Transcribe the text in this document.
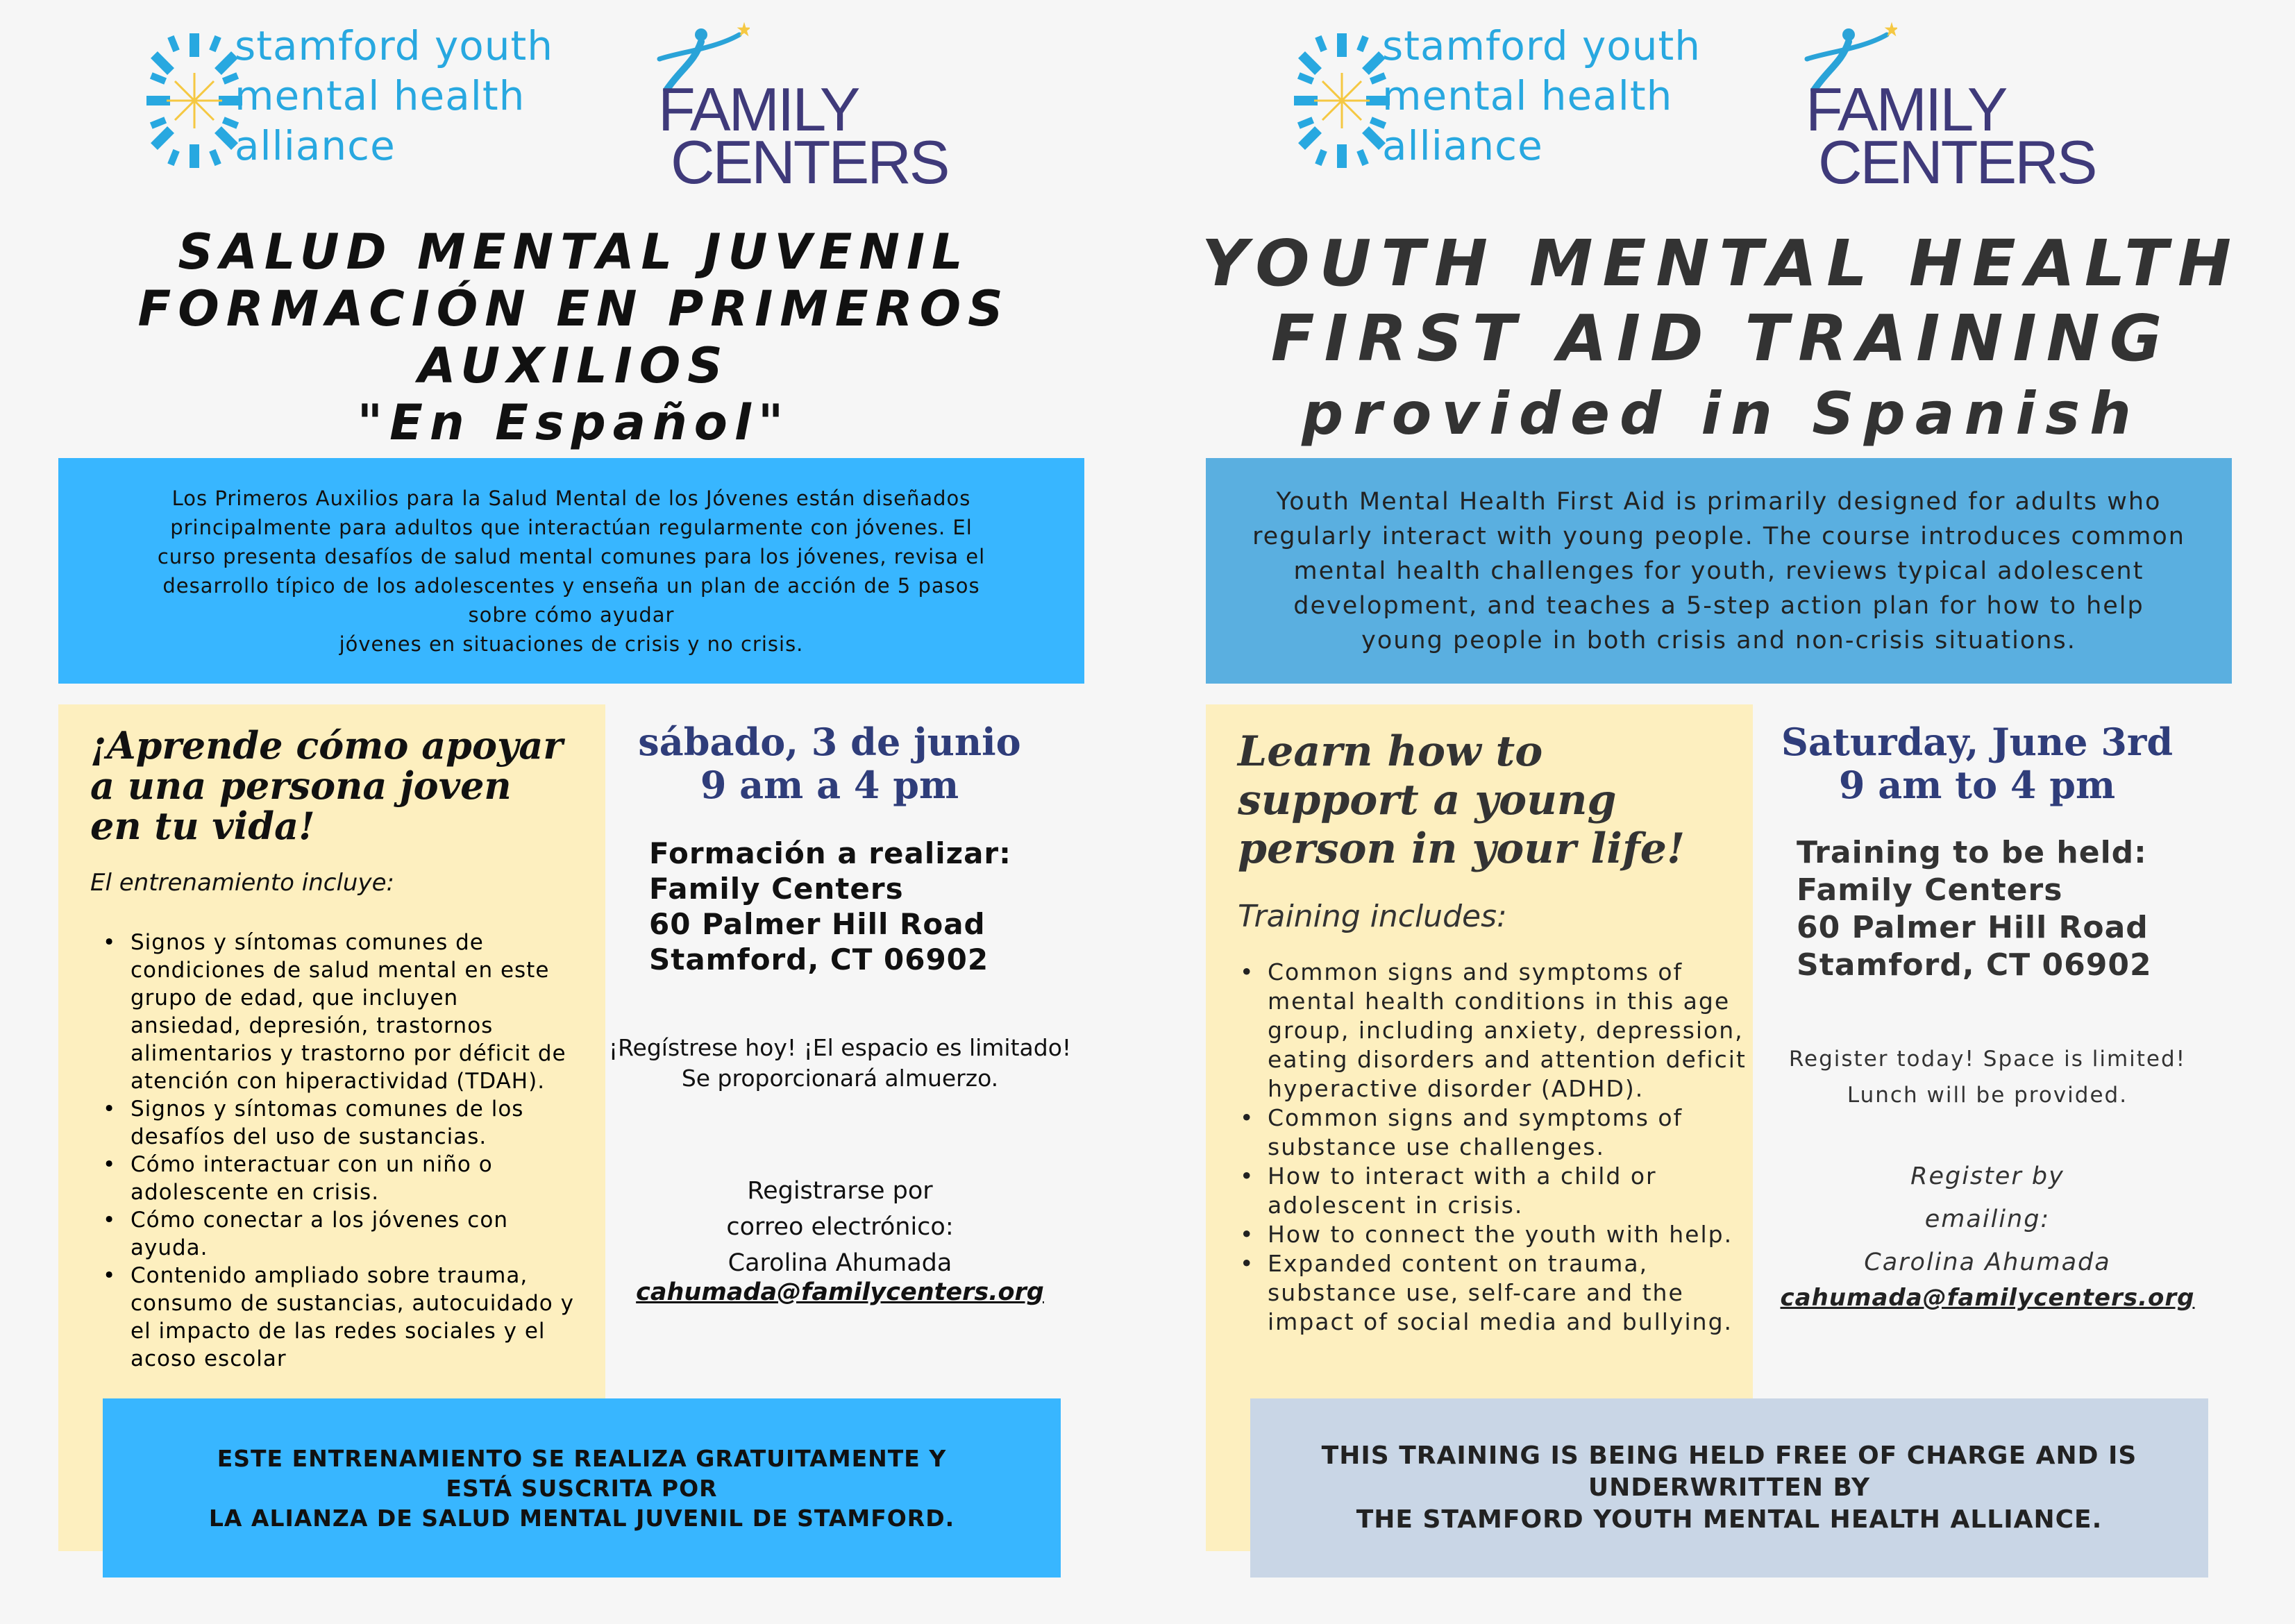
stamford youth
mental health
alliance
FAMILY
CENTERS
SALUD MENTAL JUVENIL
FORMACIÓN EN PRIMEROS
AUXILIOS
"En Español"
Los Primeros Auxilios para la Salud Mental de los Jóvenes están diseñados
principalmente para adultos que interactúan regularmente con jóvenes. El
curso presenta desafíos de salud mental comunes para los jóvenes, revisa el
desarrollo típico de los adolescentes y enseña un plan de acción de 5 pasos
sobre cómo ayudar
jóvenes en situaciones de crisis y no crisis.
¡Aprende cómo apoyar
a una persona joven
en tu vida!
El entrenamiento incluye:
• Signos y síntomas comunes de condiciones de salud mental en este grupo de edad, que incluyen ansiedad, depresión, trastornos alimentarios y trastorno por déficit de atención con hiperactividad (TDAH).
• Signos y síntomas comunes de los desafíos del uso de sustancias.
• Cómo interactuar con un niño o adolescente en crisis.
• Cómo conectar a los jóvenes con ayuda.
• Contenido ampliado sobre trauma, consumo de sustancias, autocuidado y el impacto de las redes sociales y el acoso escolar
sábado, 3 de junio
9 am a 4 pm
Formación a realizar:
Family Centers
60 Palmer Hill Road
Stamford, CT 06902
¡Regístrese hoy! ¡El espacio es limitado!
Se proporcionará almuerzo.
Registrarse por
correo electrónico:
Carolina Ahumada
cahumada@familycenters.org
ESTE ENTRENAMIENTO SE REALIZA GRATUITAMENTE Y
ESTÁ SUSCRITA POR
LA ALIANZA DE SALUD MENTAL JUVENIL DE STAMFORD.
stamford youth
mental health
alliance
FAMILY
CENTERS
YOUTH MENTAL HEALTH
FIRST AID TRAINING
provided in Spanish
Youth Mental Health First Aid is primarily designed for adults who
regularly interact with young people. The course introduces common
mental health challenges for youth, reviews typical adolescent
development, and teaches a 5-step action plan for how to help
young people in both crisis and non-crisis situations.
Learn how to
support a young
person in your life!
Training includes:
• Common signs and symptoms of mental health conditions in this age group, including anxiety, depression, eating disorders and attention deficit hyperactive disorder (ADHD).
• Common signs and symptoms of substance use challenges.
• How to interact with a child or adolescent in crisis.
• How to connect the youth with help.
• Expanded content on trauma, substance use, self-care and the impact of social media and bullying.
Saturday, June 3rd
9 am to 4 pm
Training to be held:
Family Centers
60 Palmer Hill Road
Stamford, CT 06902
Register today! Space is limited!
Lunch will be provided.
Register by
emailing:
Carolina Ahumada
cahumada@familycenters.org
THIS TRAINING IS BEING HELD FREE OF CHARGE AND IS
UNDERWRITTEN BY
THE STAMFORD YOUTH MENTAL HEALTH ALLIANCE.
